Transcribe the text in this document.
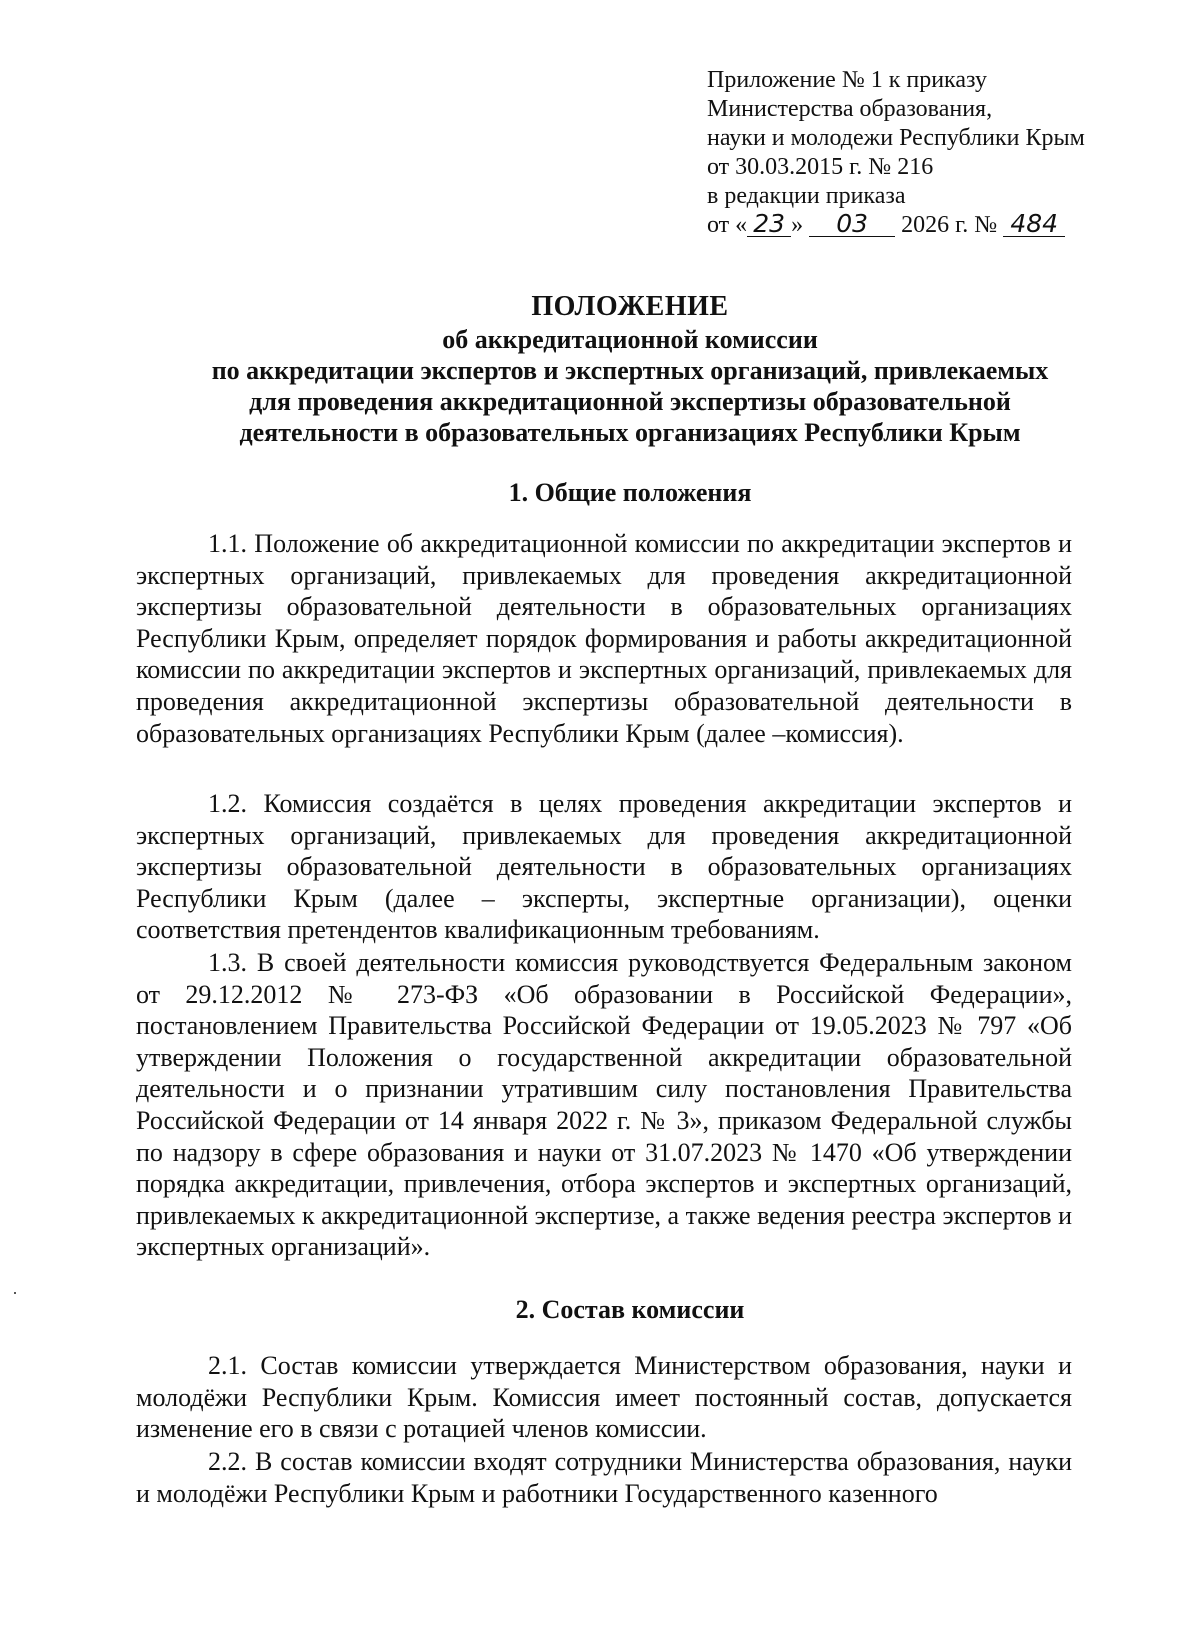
Приложение № 1 к приказу
Министерства образования,
науки и молодежи Республики Крым
от 30.03.2015 г. № 216
в редакции приказа
от « 23 » 03 2026 г. № 484
ПОЛОЖЕНИЕ
об аккредитационной комиссии
по аккредитации экспертов и экспертных организаций, привлекаемых
для проведения аккредитационной экспертизы образовательной
деятельности в образовательных организациях Республики Крым
1. Общие положения

1.1. Положение об аккредитационной комиссии по аккредитации экспертов и экспертных организаций, привлекаемых для проведения аккредитационной экспертизы образовательной деятельности в образовательных организациях Республики Крым, определяет порядок формирования и работы аккредитационной комиссии по аккредитации экспертов и экспертных организаций, привлекаемых для проведения аккредитационной экспертизы образовательной деятельности в образовательных организациях Республики Крым (далее –комиссия).

1.2. Комиссия создаётся в целях проведения аккредитации экспертов и экспертных организаций, привлекаемых для проведения аккредитационной экспертизы образовательной деятельности в образовательных организациях Республики Крым (далее – эксперты, экспертные организации), оценки соответствия претендентов квалификационным требованиям.

1.3. В своей деятельности комиссия руководствуется Федеральным законом от 29.12.2012 № 273-ФЗ «Об образовании в Российской Федерации», постановлением Правительства Российской Федерации от 19.05.2023 № 797 «Об утверждении Положения о государственной аккредитации образовательной деятельности и о признании утратившим силу постановления Правительства Российской Федерации от 14 января 2022 г. № 3», приказом Федеральной службы по надзору в сфере образования и науки от 31.07.2023 № 1470 «Об утверждении порядка аккредитации, привлечения, отбора экспертов и экспертных организаций, привлекаемых к аккредитационной экспертизе, а также ведения реестра экспертов и экспертных организаций».

2. Состав комиссии

2.1. Состав комиссии утверждается Министерством образования, науки и молодёжи Республики Крым. Комиссия имеет постоянный состав, допускается изменение его в связи с ротацией членов комиссии.

2.2. В состав комиссии входят сотрудники Министерства образования, науки и молодёжи Республики Крым и работники Государственного казенного
